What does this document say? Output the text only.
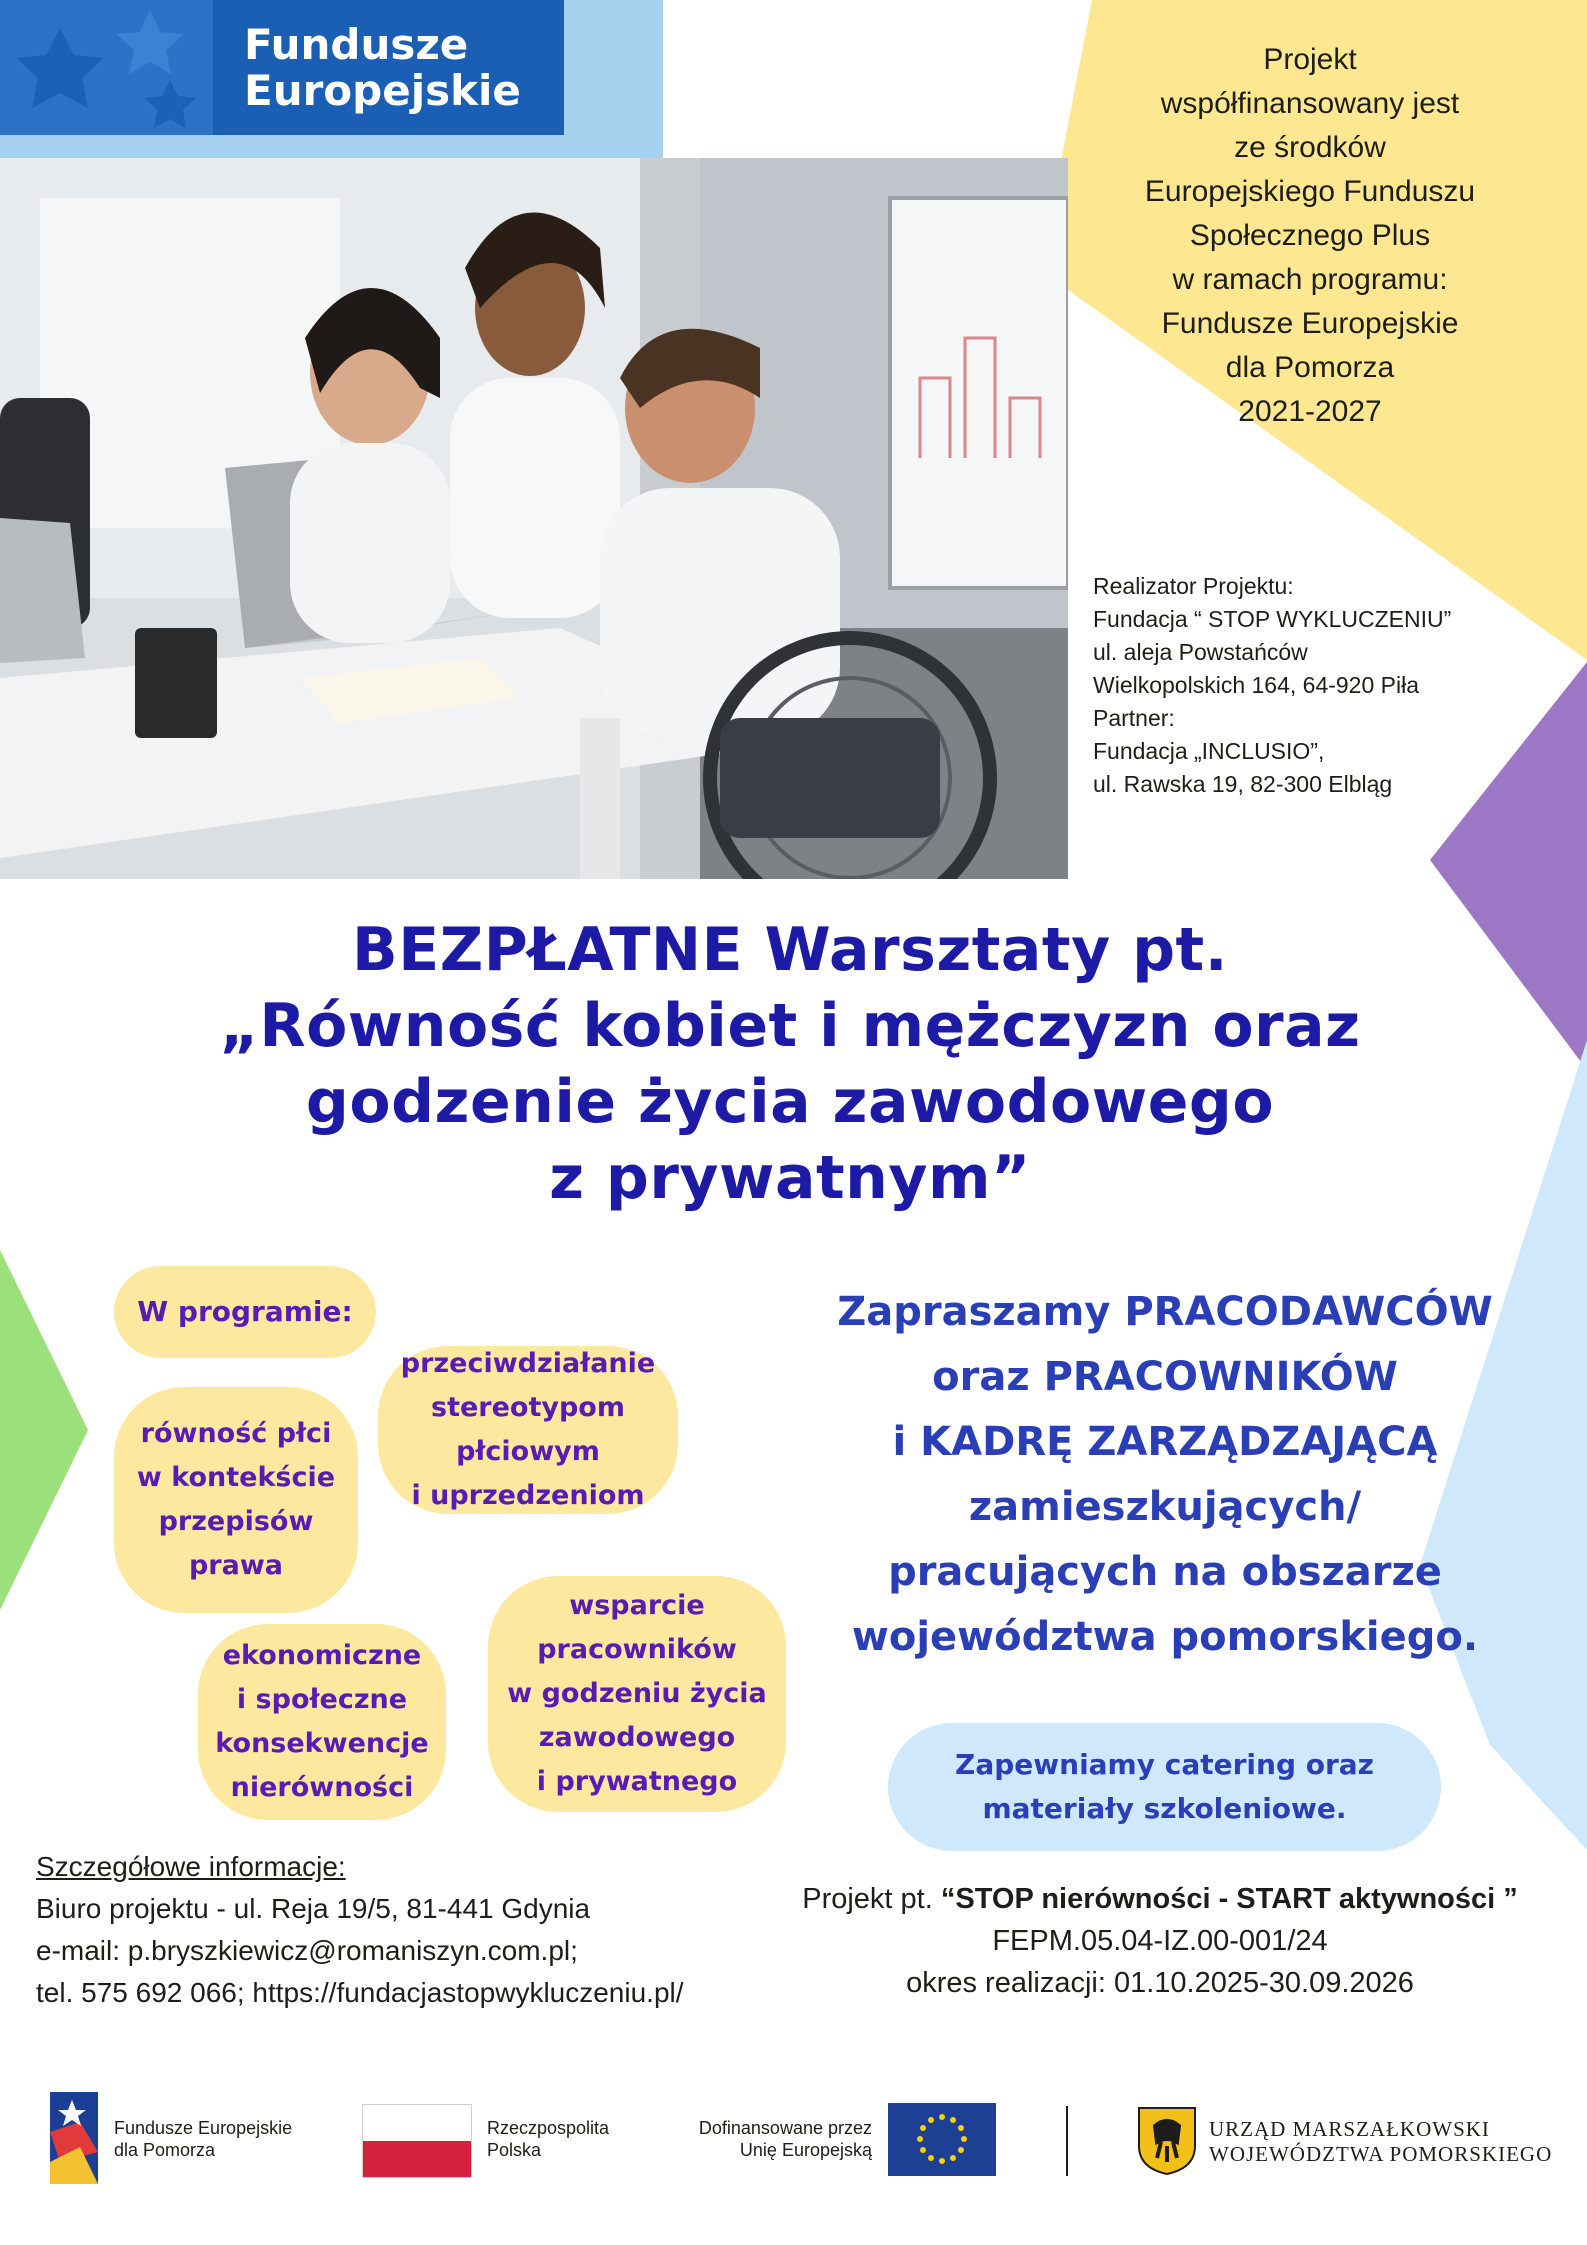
Fundusze
Europejskie
Projekt
współfinansowany jest
ze środków
Europejskiego Funduszu
Społecznego Plus
w ramach programu:
Fundusze Europejskie
dla Pomorza
2021-2027
Realizator Projektu:
Fundacja “ STOP WYKLUCZENIU”
ul. aleja Powstańców
Wielkopolskich 164, 64-920 Piła
Partner:
Fundacja „INCLUSIO”,
ul. Rawska 19, 82-300 Elbląg
BEZPŁATNE Warsztaty pt.
„Równość kobiet i mężczyzn oraz
godzenie życia zawodowego
z prywatnym”
W programie:
równość płci
w kontekście
przepisów
prawa
przeciwdziałanie
stereotypom
płciowym
i uprzedzeniom
ekonomiczne
i społeczne
konsekwencje
nierówności
wsparcie
pracowników
w godzeniu życia
zawodowego
i prywatnego
Zapraszamy PRACODAWCÓW
oraz PRACOWNIKÓW
i KADRĘ ZARZĄDZAJĄCĄ
zamieszkujących/
pracujących na obszarze
województwa pomorskiego.
Zapewniamy catering oraz
materiały szkoleniowe.
Szczegółowe informacje:
Biuro projektu - ul. Reja 19/5, 81-441 Gdynia
e-mail: p.bryszkiewicz@romaniszyn.com.pl;
tel. 575 692 066; https://fundacjastopwykluczeniu.pl/
Projekt pt. “STOP nierówności - START aktywności ”
FEPM.05.04-IZ.00-001/24
okres realizacji: 01.10.2025-30.09.2026
Fundusze Europejskie
dla Pomorza
Rzeczpospolita
Polska
Dofinansowane przez
Unię Europejską
URZĄD MARSZAŁKOWSKI
WOJEWÓDZTWA POMORSKIEGO
